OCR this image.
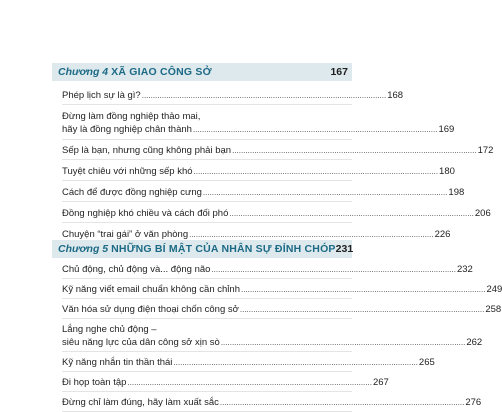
Chương 4 XÃ GIAO CÔNG SỞ	167
Phép lịch sự là gì? .............................................................................................................. 168
Đừng làm đồng nghiệp thảo mai,
hãy là đồng nghiệp chân thành .............................................................................................................. 169
Sếp là bạn, nhưng cũng không phải bạn .............................................................................................................. 172
Tuyệt chiêu với những sếp khó .............................................................................................................. 180
Cách để được đồng nghiệp cưng .............................................................................................................. 198
Đồng nghiệp khó chiều và cách đối phó .............................................................................................................. 206
Chuyện “trai gái” ở văn phòng .............................................................................................................. 226
Chương 5 NHỮNG BÍ MẬT CỦA NHÂN SỰ ĐỈNH CHÓP 231
Chủ động, chủ động và... động não .............................................................................................................. 232
Kỹ năng viết email chuẩn không cần chỉnh .............................................................................................................. 249
Văn hóa sử dụng điện thoại chốn công sở .............................................................................................................. 258
Lắng nghe chủ động –
siêu năng lực của dân công sở xịn sò .............................................................................................................. 262
Kỹ năng nhắn tin thần thái .............................................................................................................. 265
Đi họp toàn tập .............................................................................................................. 267
Đừng chỉ làm đúng, hãy làm xuất sắc .............................................................................................................. 276
